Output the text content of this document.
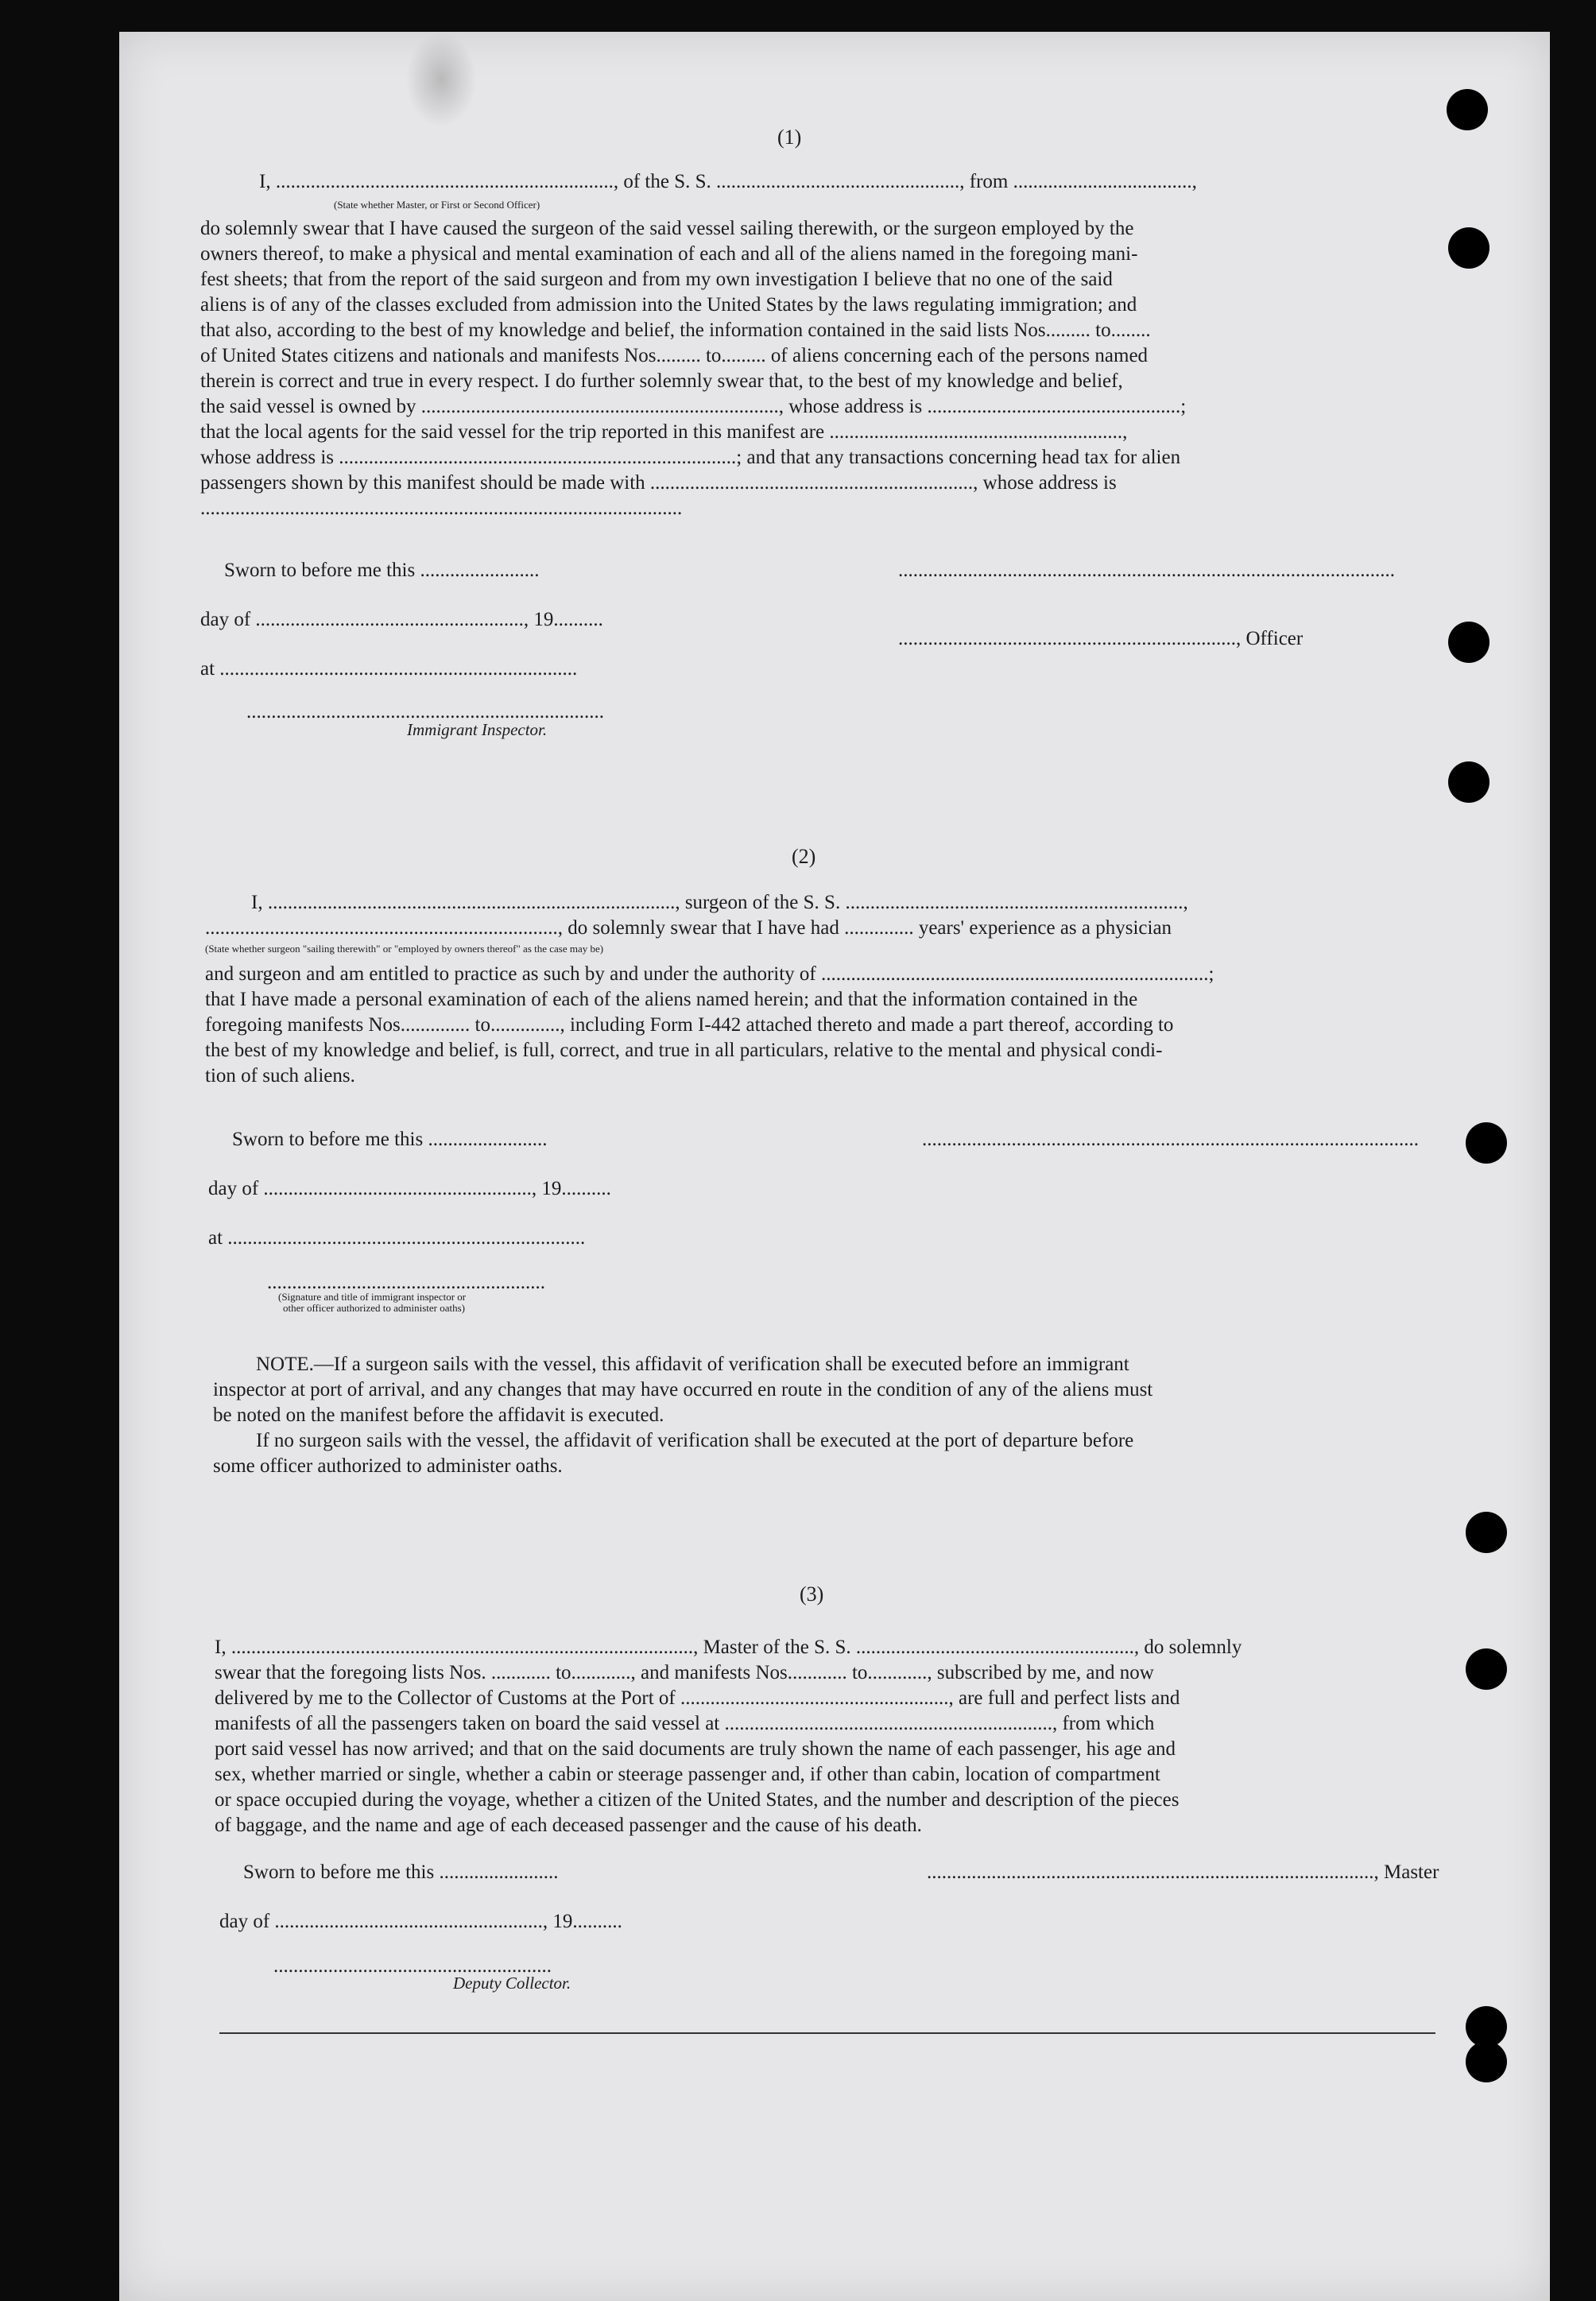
(1)
I, ...................................................................., of the S. S. ................................................., from ....................................,
(State whether Master, or First or Second Officer)
do solemnly swear that I have caused the surgeon of the said vessel sailing therewith, or the surgeon employed by the
owners thereof, to make a physical and mental examination of each and all of the aliens named in the foregoing mani-
fest sheets; that from the report of the said surgeon and from my own investigation I believe that no one of the said
aliens is of any of the classes excluded from admission into the United States by the laws regulating immigration; and
that also, according to the best of my knowledge and belief, the information contained in the said lists Nos......... to........
of United States citizens and nationals and manifests Nos......... to......... of aliens concerning each of the persons named
therein is correct and true in every respect. I do further solemnly swear that, to the best of my knowledge and belief,
the said vessel is owned by ........................................................................, whose address is ...................................................;
that the local agents for the said vessel for the trip reported in this manifest are ...........................................................,
whose address is ................................................................................; and that any transactions concerning head tax for alien
passengers shown by this manifest should be made with ................................................................., whose address is
.................................................................................................
Sworn to before me this ........................	....................................................................................................
day of ......................................................, 19..........
...................................................................., Officer
at ........................................................................
........................................................................
Immigrant Inspector.
(2)
I, .................................................................................., surgeon of the S. S. ....................................................................,
......................................................................., do solemnly swear that I have had .............. years' experience as a physician
(State whether surgeon "sailing therewith" or "employed by owners thereof" as the case may be)
and surgeon and am entitled to practice as such by and under the authority of ..............................................................................;
that I have made a personal examination of each of the aliens named herein; and that the information contained in the
foregoing manifests Nos.............. to.............., including Form I-442 attached thereto and made a part thereof, according to
the best of my knowledge and belief, is full, correct, and true in all particulars, relative to the mental and physical condi-
tion of such aliens.
Sworn to before me this ........................	....................................................................................................
day of ......................................................, 19..........
at ........................................................................
........................................................
(Signature and title of immigrant inspector or
other officer authorized to administer oaths)
NOTE.—If a surgeon sails with the vessel, this affidavit of verification shall be executed before an immigrant
inspector at port of arrival, and any changes that may have occurred en route in the condition of any of the aliens must
be noted on the manifest before the affidavit is executed.
If no surgeon sails with the vessel, the affidavit of verification shall be executed at the port of departure before
some officer authorized to administer oaths.
(3)
I, ............................................................................................., Master of the S. S. ........................................................, do solemnly
swear that the foregoing lists Nos. ............ to............, and manifests Nos............ to............, subscribed by me, and now
delivered by me to the Collector of Customs at the Port of ......................................................, are full and perfect lists and
manifests of all the passengers taken on board the said vessel at .................................................................., from which
port said vessel has now arrived; and that on the said documents are truly shown the name of each passenger, his age and
sex, whether married or single, whether a cabin or steerage passenger and, if other than cabin, location of compartment
or space occupied during the voyage, whether a citizen of the United States, and the number and description of the pieces
of baggage, and the name and age of each deceased passenger and the cause of his death.
Sworn to before me this ........................	.........................................................................................., Master
day of ......................................................, 19..........
........................................................
Deputy Collector.
